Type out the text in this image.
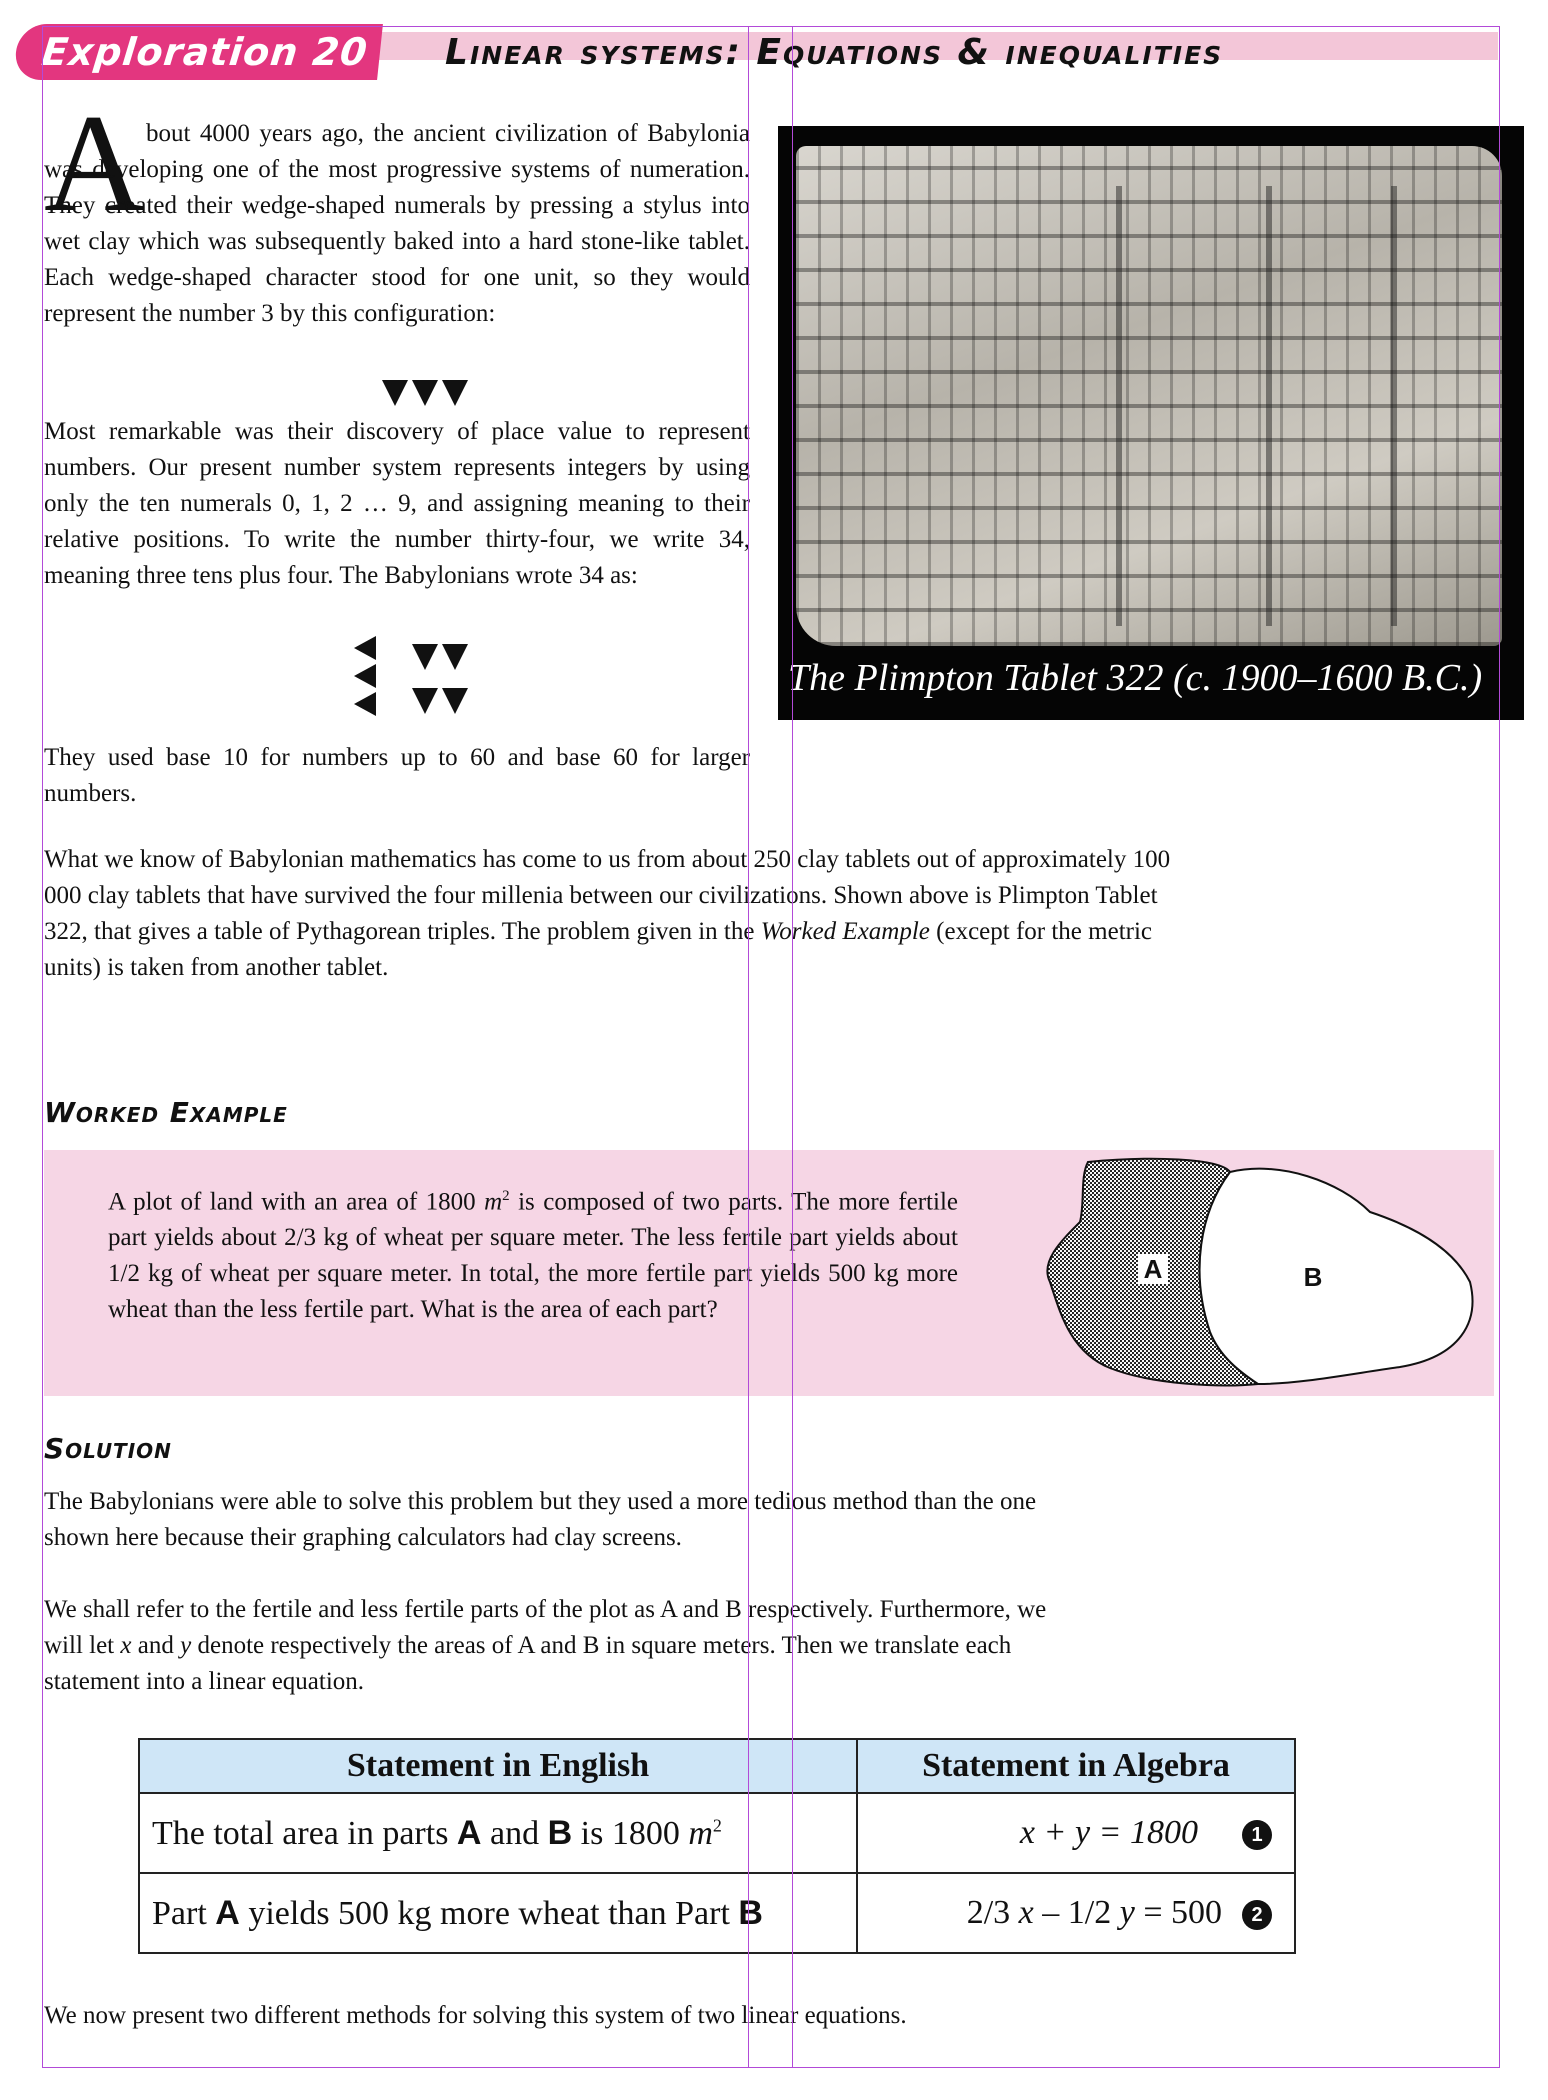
Exploration 20	Linear systems: Equations & inequalities
A bout 4000 years ago, the ancient civilization of Babylonia was developing one of the most progressive systems of numeration. They created their wedge-shaped numerals by pressing a stylus into wet clay which was subsequently baked into a hard stone-like tablet. Each wedge-shaped character stood for one unit, so they would represent the number 3 by this configuration:

Most remarkable was their discovery of place value to represent numbers. Our present number system represents integers by using only the ten numerals 0, 1, 2 … 9, and assigning meaning to their relative positions. To write the number thirty-four, we write 34, meaning three tens plus four. The Babylonians wrote 34 as:

They used base 10 for numbers up to 60 and base 60 for larger numbers.

What we know of Babylonian mathematics has come to us from about 250 clay tablets out of approximately 100 000 clay tablets that have survived the four millenia between our civilizations. Shown above is Plimpton Tablet 322, that gives a table of Pythagorean triples. The problem given in the Worked Example (except for the metric units) is taken from another tablet.

The Plimpton Tablet 322 (c. 1900–1600 B.C.)
Worked Example

A plot of land with an area of 1800 $m^2$ is composed of two parts. The more fertile part yields about 2/3 kg of wheat per square meter. The less fertile part yields about 1/2 kg of wheat per square meter. In total, the more fertile part yields 500 kg more wheat than the less fertile part. What is the area of each part?

A	B
Solution

The Babylonians were able to solve this problem but they used a more tedious method than the one shown here because their graphing calculators had clay screens.

We shall refer to the fertile and less fertile parts of the plot as A and B respectively. Furthermore, we will let x and y denote respectively the areas of A and B in square meters. Then we translate each statement into a linear equation.

Statement in English	Statement in Algebra
The total area in parts A and B is 1800 $m^2$	x + y = 1800 1
Part A yields 500 kg more wheat than Part B	2/3 x – 1/2 y = 500 2

We now present two different methods for solving this system of two linear equations.
